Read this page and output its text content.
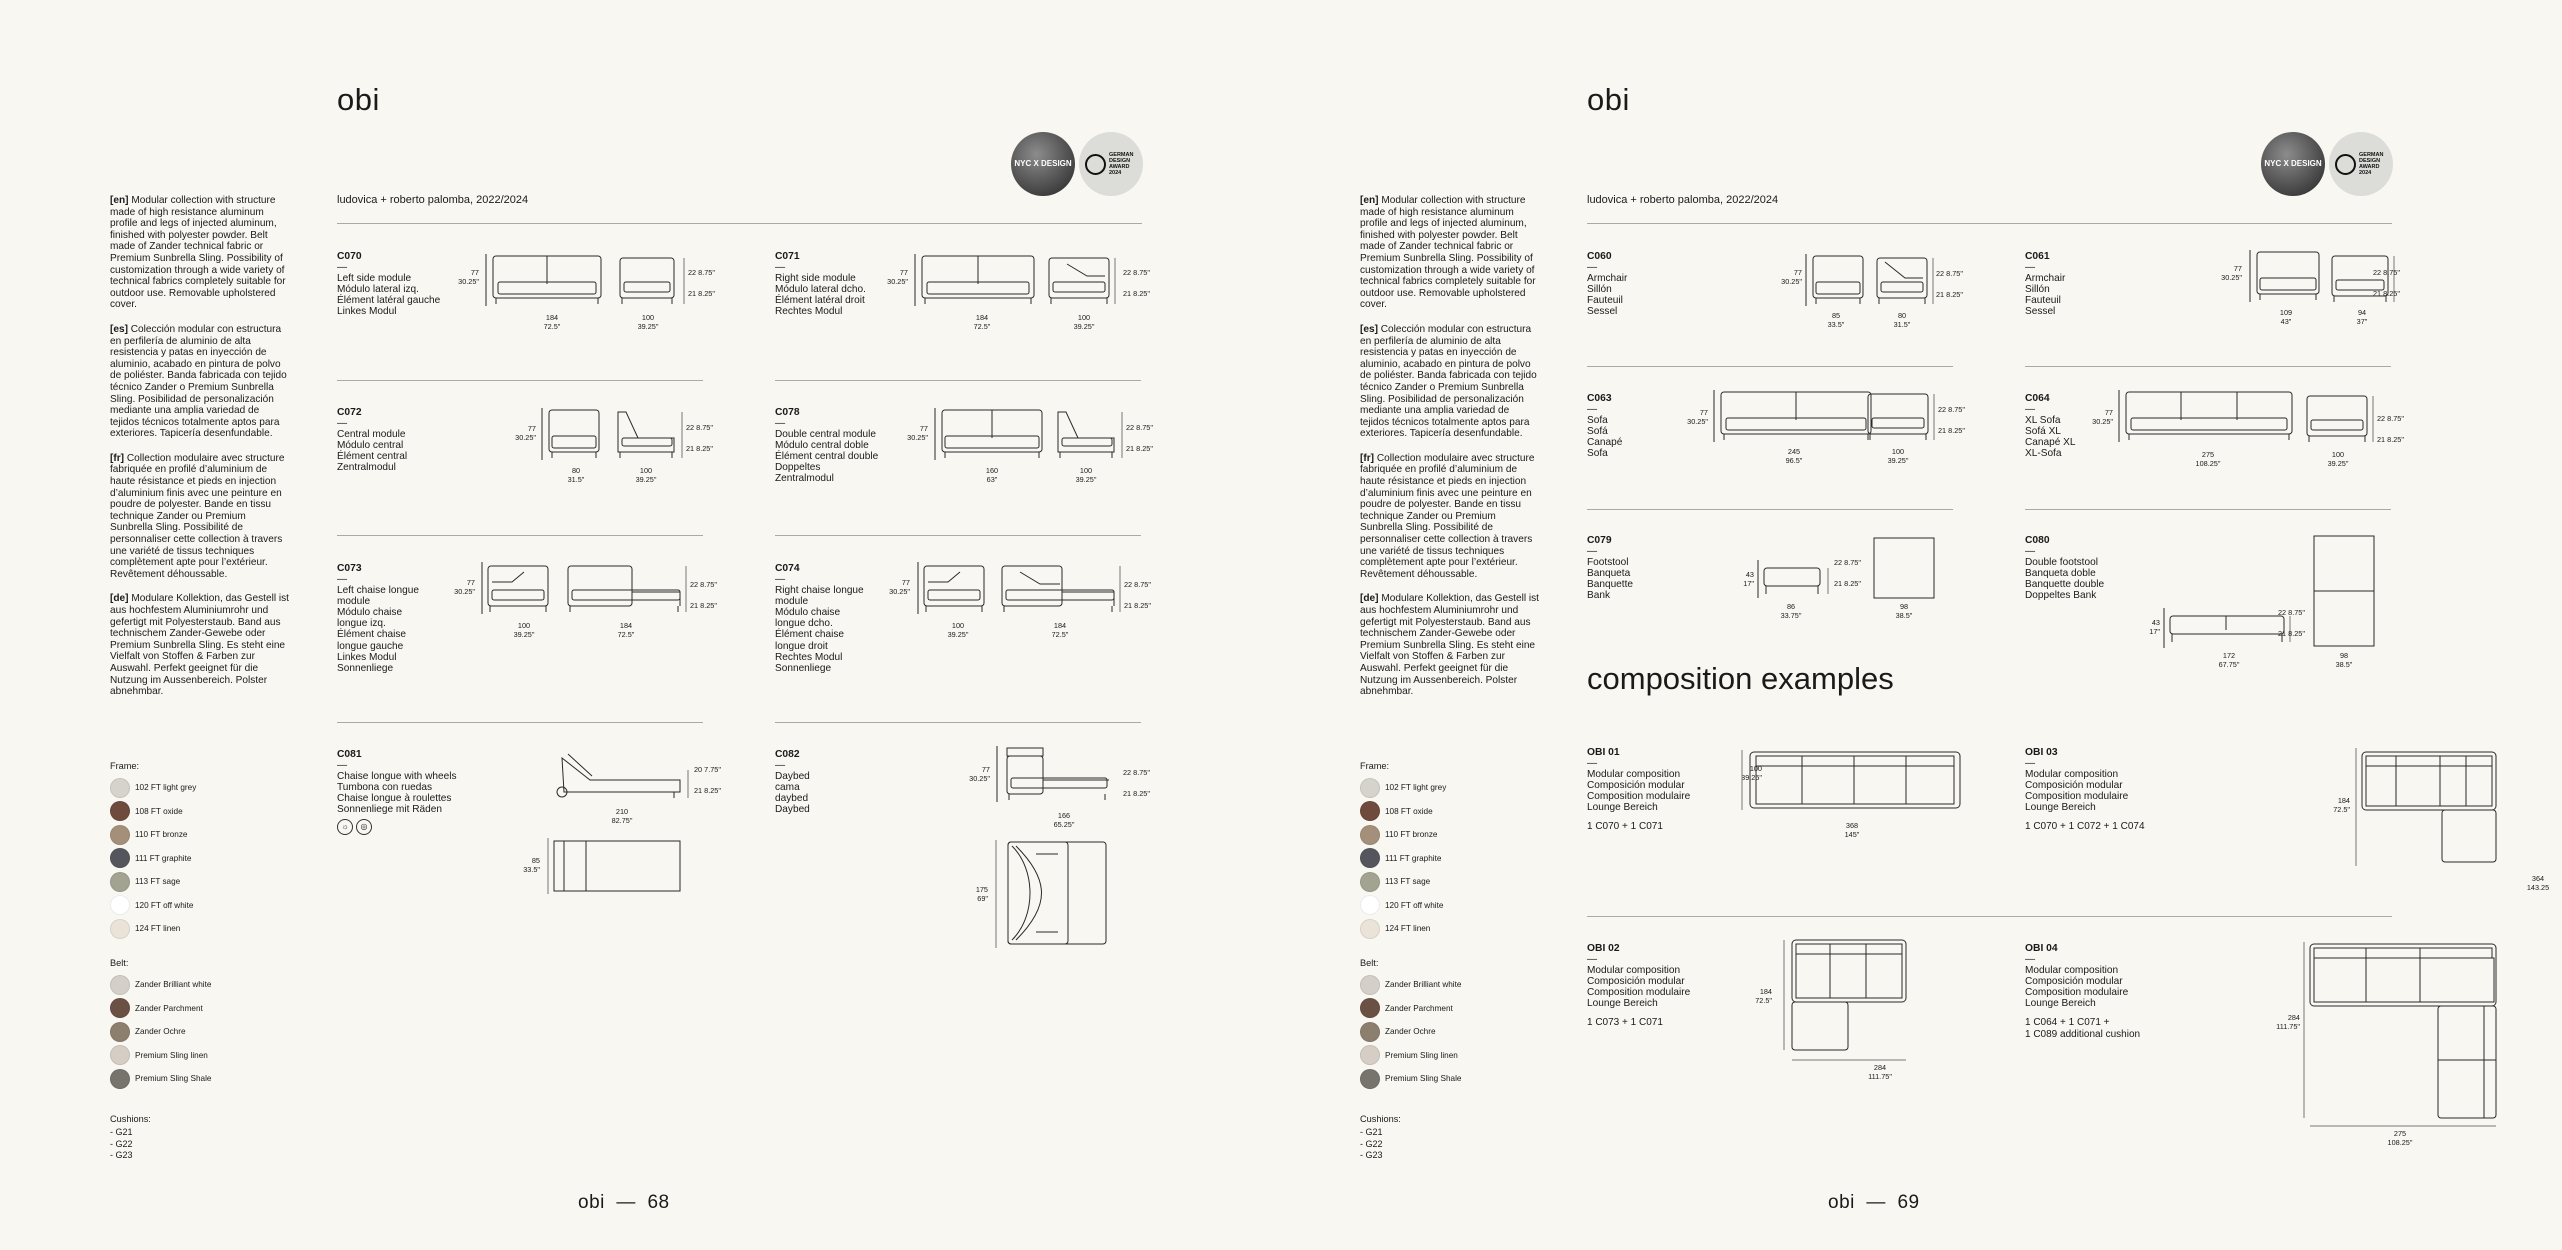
obi
ludovica + roberto palomba, 2022/2024
NYC X DESIGN
GERMAN DESIGN AWARD 2024

[en] Modular collection with structure made of high resistance aluminum profile and legs of injected aluminum, finished with polyester powder. Belt made of Zander technical fabric or Premium Sunbrella Sling. Possibility of customization through a wide variety of technical fabrics completely suitable for outdoor use. Removable upholstered cover.

[es] Colección modular con estructura en perfilería de aluminio de alta resistencia y patas en inyección de aluminio, acabado en pintura de polvo de poliéster. Banda fabricada con tejido técnico Zander o Premium Sunbrella Sling. Posibilidad de personalización mediante una amplia variedad de tejidos técnicos totalmente aptos para exteriores. Tapicería desenfundable.

[fr] Collection modulaire avec structure fabriquée en profilé d’aluminium de haute résistance et pieds en injection d’aluminium finis avec une peinture en poudre de polyester. Bande en tissu technique Zander ou Premium Sunbrella Sling. Possibilité de personnaliser cette collection à travers une variété de tissus techniques complètement apte pour l’extérieur. Revêtement déhoussable.

[de] Modulare Kollektion, das Gestell ist aus hochfestem Aluminiumrohr und gefertigt mit Polyesterstaub. Band aus technischem Zander-Gewebe oder Premium Sunbrella Sling. Es steht eine Vielfalt von Stoffen & Farben zur Auswahl. Perfekt geeignet für die Nutzung im Aussenbereich. Polster abnehmbar.

Frame:
102 FT light grey
108 FT oxide
110 FT bronze
111 FT graphite
113 FT sage
120 FT off white
124 FT linen
Belt:
Zander Brilliant white
Zander Parchment
Zander Ochre
Premium Sling linen
Premium Sling Shale
Cushions:
- G21
- G22
- G23
C070
—
Left side module
Módulo lateral izq.
Élément latéral gauche
Linkes Modul
77
30.25"
22 8.75"
21 8.25"
184
72.5"
100
39.25"
C071
—
Right side module
Módulo lateral dcho.
Élément latéral droit
Rechtes Modul
77
30.25"
22 8.75"
21 8.25"
184
72.5"
100
39.25"
C072
—
Central module
Módulo central
Élément central
Zentralmodul
77
30.25"
22 8.75"
21 8.25"
80
31.5"
100
39.25"
C078
—
Double central module
Módulo central doble
Élément central double
Doppeltes
Zentralmodul
77
30.25"
22 8.75"
21 8.25"
160
63"
100
39.25"
C073
—
Left chaise longue
module
Módulo chaise
longue izq.
Élément chaise
longue gauche
Linkes Modul
Sonnenliege
77
30.25"
22 8.75"
21 8.25"
100
39.25"
184
72.5"
C074
—
Right chaise longue
module
Módulo chaise
longue dcho.
Élément chaise
longue droit
Rechtes Modul
Sonnenliege
77
30.25"
22 8.75"
21 8.25"
100
39.25"
184
72.5"
C081
—
Chaise longue with wheels
Tumbona con ruedas
Chaise longue à roulettes
Sonnenliege mit Räden
☼	◎
20 7.75"
21 8.25"
210
82.75"
85
33.5"
C082
—
Daybed
cama
daybed
Daybed
77
30.25"
22 8.75"
21 8.25"
166
65.25"
175
69"
obi  —  68
obi
ludovica + roberto palomba, 2022/2024
NYC X DESIGN
GERMAN DESIGN AWARD 2024

[en] Modular collection with structure made of high resistance aluminum profile and legs of injected aluminum, finished with polyester powder. Belt made of Zander technical fabric or Premium Sunbrella Sling. Possibility of customization through a wide variety of technical fabrics completely suitable for outdoor use. Removable upholstered cover.

[es] Colección modular con estructura en perfilería de aluminio de alta resistencia y patas en inyección de aluminio, acabado en pintura de polvo de poliéster. Banda fabricada con tejido técnico Zander o Premium Sunbrella Sling. Posibilidad de personalización mediante una amplia variedad de tejidos técnicos totalmente aptos para exteriores. Tapicería desenfundable.

[fr] Collection modulaire avec structure fabriquée en profilé d’aluminium de haute résistance et pieds en injection d’aluminium finis avec une peinture en poudre de polyester. Bande en tissu technique Zander ou Premium Sunbrella Sling. Possibilité de personnaliser cette collection à travers une variété de tissus techniques complètement apte pour l’extérieur. Revêtement déhoussable.

[de] Modulare Kollektion, das Gestell ist aus hochfestem Aluminiumrohr und gefertigt mit Polyesterstaub. Band aus technischem Zander-Gewebe oder Premium Sunbrella Sling. Es steht eine Vielfalt von Stoffen & Farben zur Auswahl. Perfekt geeignet für die Nutzung im Aussenbereich. Polster abnehmbar.

Frame:
102 FT light grey
108 FT oxide
110 FT bronze
111 FT graphite
113 FT sage
120 FT off white
124 FT linen
Belt:
Zander Brilliant white
Zander Parchment
Zander Ochre
Premium Sling linen
Premium Sling Shale
Cushions:
- G21
- G22
- G23
C060
—
Armchair
Sillón
Fauteuil
Sessel
77
30.25"
22 8.75"
21 8.25"
85
33.5"
80
31.5"
C061
—
Armchair
Sillón
Fauteuil
Sessel
77
30.25"	22 8.75"
21 8.25"
109
43"
94
37"
C063
—
Sofa
Sofá
Canapé
Sofa
77
30.25"
22 8.75"
21 8.25"
245
96.5"
100
39.25"
C064
—
XL Sofa
Sofá XL
Canapé XL
XL-Sofa
77
30.25"	22 8.75"
21 8.25"
275
108.25"
100
39.25"
C079
—
Footstool
Banqueta
Banquette
Bank
43
17"
22 8.75"
21 8.25"
86
33.75"
98
38.5"
C080
—
Double footstool
Banqueta doble
Banquette double
Doppeltes Bank
43
17"
22 8.75"
21 8.25"
172
67.75"
98
38.5"
composition examples
OBI 01
—
Modular composition
Composición modular
Composition modulaire
Lounge Bereich
1 C070 + 1 C071
100
39.25"
368
145"
OBI 03
—
Modular composition
Composición modular
Composition modulaire
Lounge Bereich
1 C070 + 1 C072 + 1 C074
184
72.5"
364
143.25
OBI 02
—
Modular composition
Composición modular
Composition modulaire
Lounge Bereich
1 C073 + 1 C071
184
72.5"
284
111.75"
OBI 04
—
Modular composition
Composición modular
Composition modulaire
Lounge Bereich
1 C064 + 1 C071 +
1 C089 additional cushion
284
111.75"
275
108.25"
obi  —  69
